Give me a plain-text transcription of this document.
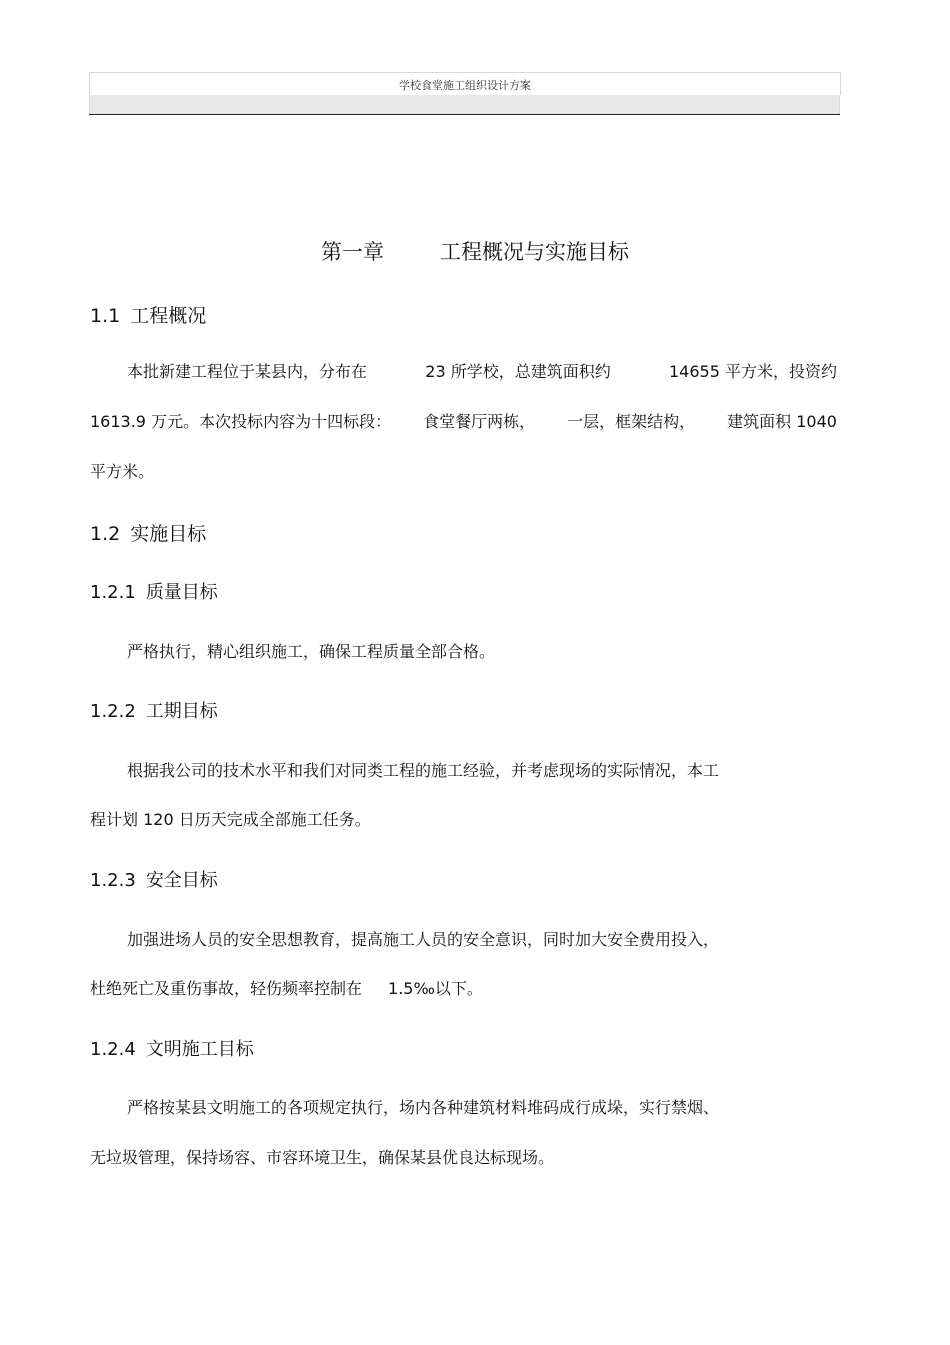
学校食堂施工组织设计方案
第一章	工程概况与实施目标
1.1 工程概况
本批新建工程位于某县内，分布在	23 所学校，总建筑面积约	14655 平方米，投资约
1613.9 万元。本次投标内容为十四标段： 食堂餐厅两栋， 一层，框架结构， 建筑面积 1040
平方米。
1.2 实施目标
1.2.1 质量目标
严格执行，精心组织施工，确保工程质量全部合格。
1.2.2 工期目标
根据我公司的技术水平和我们对同类工程的施工经验，并考虑现场的实际情况，本工
程计划 120 日历天完成全部施工任务。
1.2.3 安全目标
加强进场人员的安全思想教育，提高施工人员的安全意识，同时加大安全费用投入，
杜绝死亡及重伤事故，轻伤频率控制在 1.5‰以下。
1.2.4 文明施工目标
严格按某县文明施工的各项规定执行，场内各种建筑材料堆码成行成垛，实行禁烟、
无垃圾管理，保持场容、市容环境卫生，确保某县优良达标现场。
